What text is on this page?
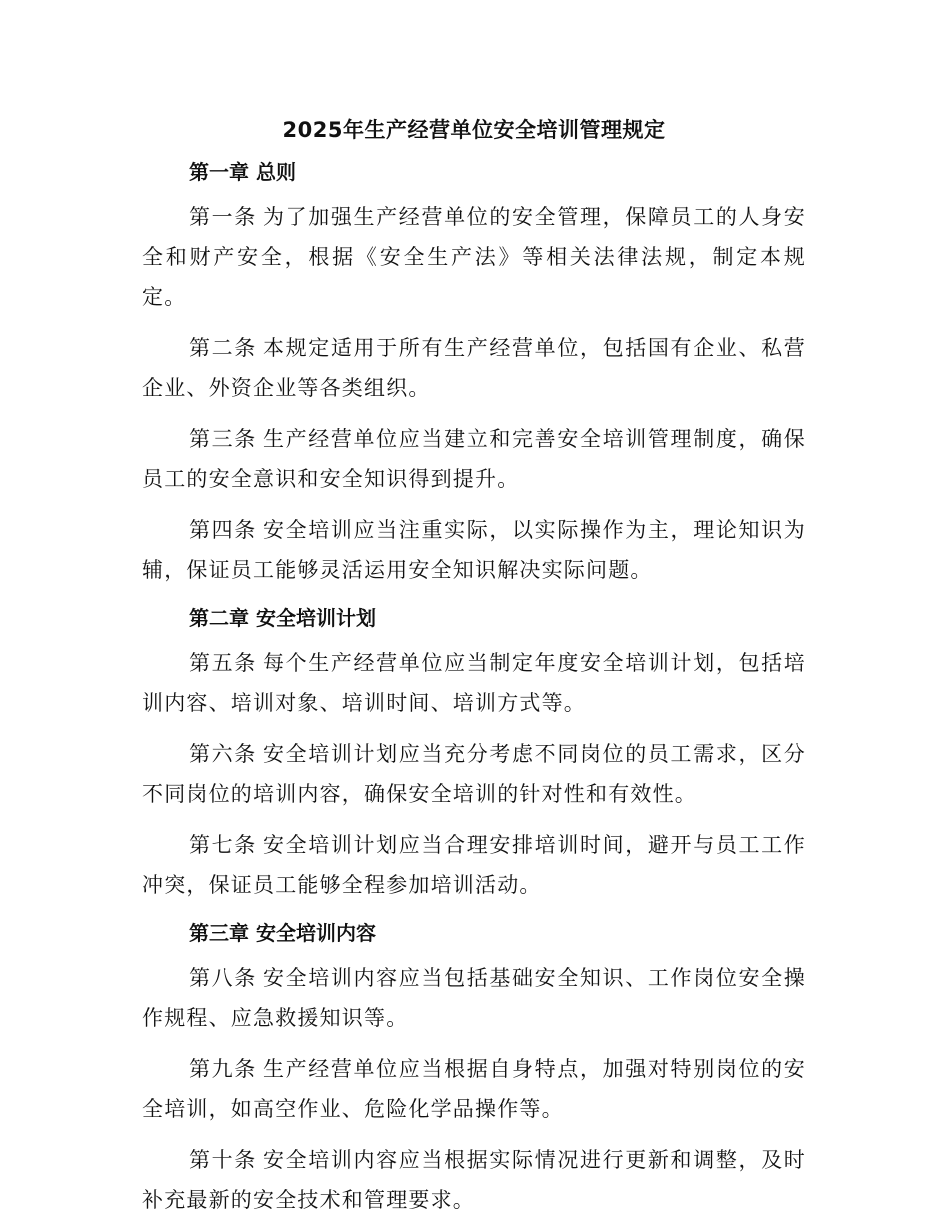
2025年生产经营单位安全培训管理规定
第一章 总则

第一条 为了加强生产经营单位的安全管理，保障员工的人身安全和财产安全，根据《安全生产法》等相关法律法规，制定本规定。

第二条 本规定适用于所有生产经营单位，包括国有企业、私营企业、外资企业等各类组织。

第三条 生产经营单位应当建立和完善安全培训管理制度，确保员工的安全意识和安全知识得到提升。

第四条 安全培训应当注重实际，以实际操作为主，理论知识为辅，保证员工能够灵活运用安全知识解决实际问题。

第二章 安全培训计划

第五条 每个生产经营单位应当制定年度安全培训计划，包括培训内容、培训对象、培训时间、培训方式等。

第六条 安全培训计划应当充分考虑不同岗位的员工需求，区分不同岗位的培训内容，确保安全培训的针对性和有效性。

第七条 安全培训计划应当合理安排培训时间，避开与员工工作冲突，保证员工能够全程参加培训活动。

第三章 安全培训内容

第八条 安全培训内容应当包括基础安全知识、工作岗位安全操作规程、应急救援知识等。

第九条 生产经营单位应当根据自身特点，加强对特别岗位的安全培训，如高空作业、危险化学品操作等。

第十条 安全培训内容应当根据实际情况进行更新和调整，及时补充最新的安全技术和管理要求。
